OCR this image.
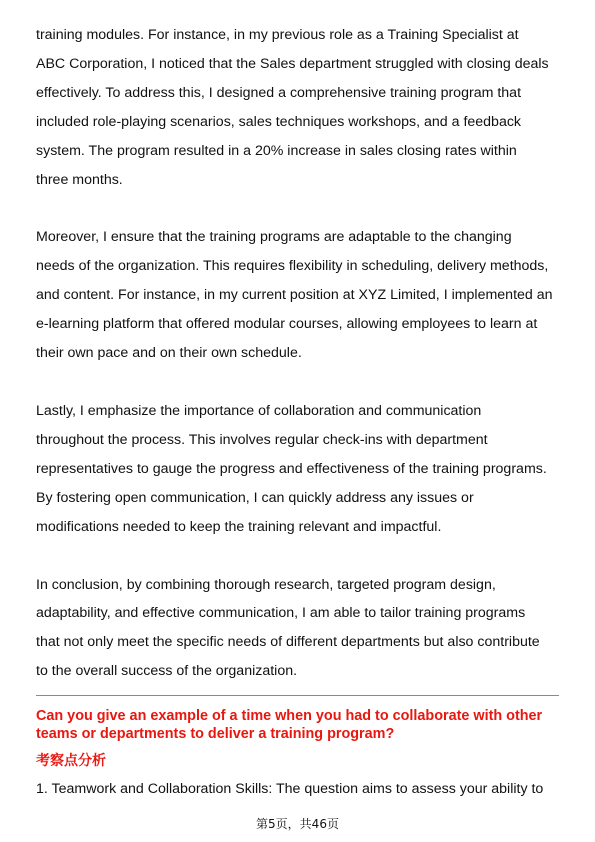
training modules. For instance, in my previous role as a Training Specialist at
ABC Corporation, I noticed that the Sales department struggled with closing deals
effectively. To address this, I designed a comprehensive training program that
included role-playing scenarios, sales techniques workshops, and a feedback
system. The program resulted in a 20% increase in sales closing rates within
three months.

Moreover, I ensure that the training programs are adaptable to the changing
needs of the organization. This requires flexibility in scheduling, delivery methods,
and content. For instance, in my current position at XYZ Limited, I implemented an
e-learning platform that offered modular courses, allowing employees to learn at
their own pace and on their own schedule.

Lastly, I emphasize the importance of collaboration and communication
throughout the process. This involves regular check-ins with department
representatives to gauge the progress and effectiveness of the training programs.
By fostering open communication, I can quickly address any issues or
modifications needed to keep the training relevant and impactful.

In conclusion, by combining thorough research, targeted program design,
adaptability, and effective communication, I am able to tailor training programs
that not only meet the specific needs of different departments but also contribute
to the overall success of the organization.

Can you give an example of a time when you had to collaborate with other
teams or departments to deliver a training program?
考察点分析
1. Teamwork and Collaboration Skills: The question aims to assess your ability to
第5页，共46页
